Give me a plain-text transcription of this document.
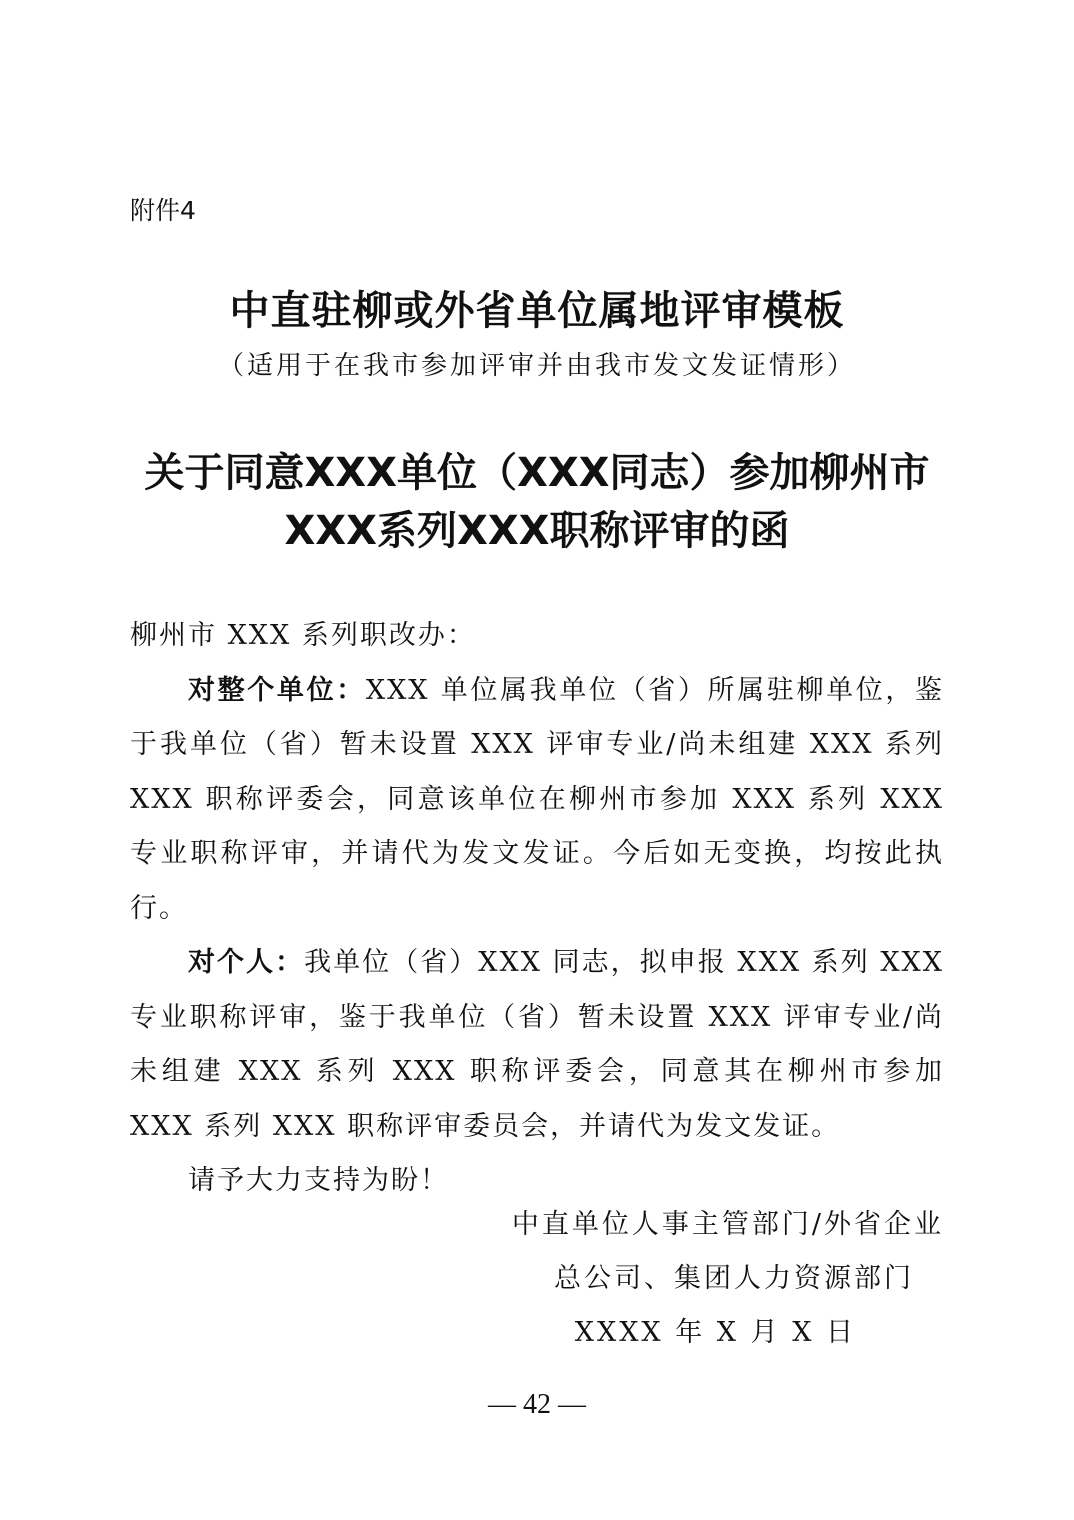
附件4
中直驻柳或外省单位属地评审模板
（适用于在我市参加评审并由我市发文发证情形）
关于同意XXX单位（XXX同志）参加柳州市
XXX系列XXX职称评审的函

柳州市 XXX 系列职改办：

对整个单位：XXX 单位属我单位（省）所属驻柳单位，鉴于我单位（省）暂未设置 XXX 评审专业/尚未组建 XXX 系列 XXX 职称评委会，同意该单位在柳州市参加 XXX 系列 XXX 专业职称评审，并请代为发文发证。今后如无变换，均按此执行。

对个人：我单位（省）XXX 同志，拟申报 XXX 系列 XXX 专业职称评审，鉴于我单位（省）暂未设置 XXX 评审专业/尚未组建 XXX 系列 XXX 职称评委会，同意其在柳州市参加 XXX 系列 XXX 职称评审委员会，并请代为发文发证。

请予大力支持为盼！

中直单位人事主管部门/外省企业
总公司、集团人力资源部门
XXXX 年 X 月 X 日
— 42 —
